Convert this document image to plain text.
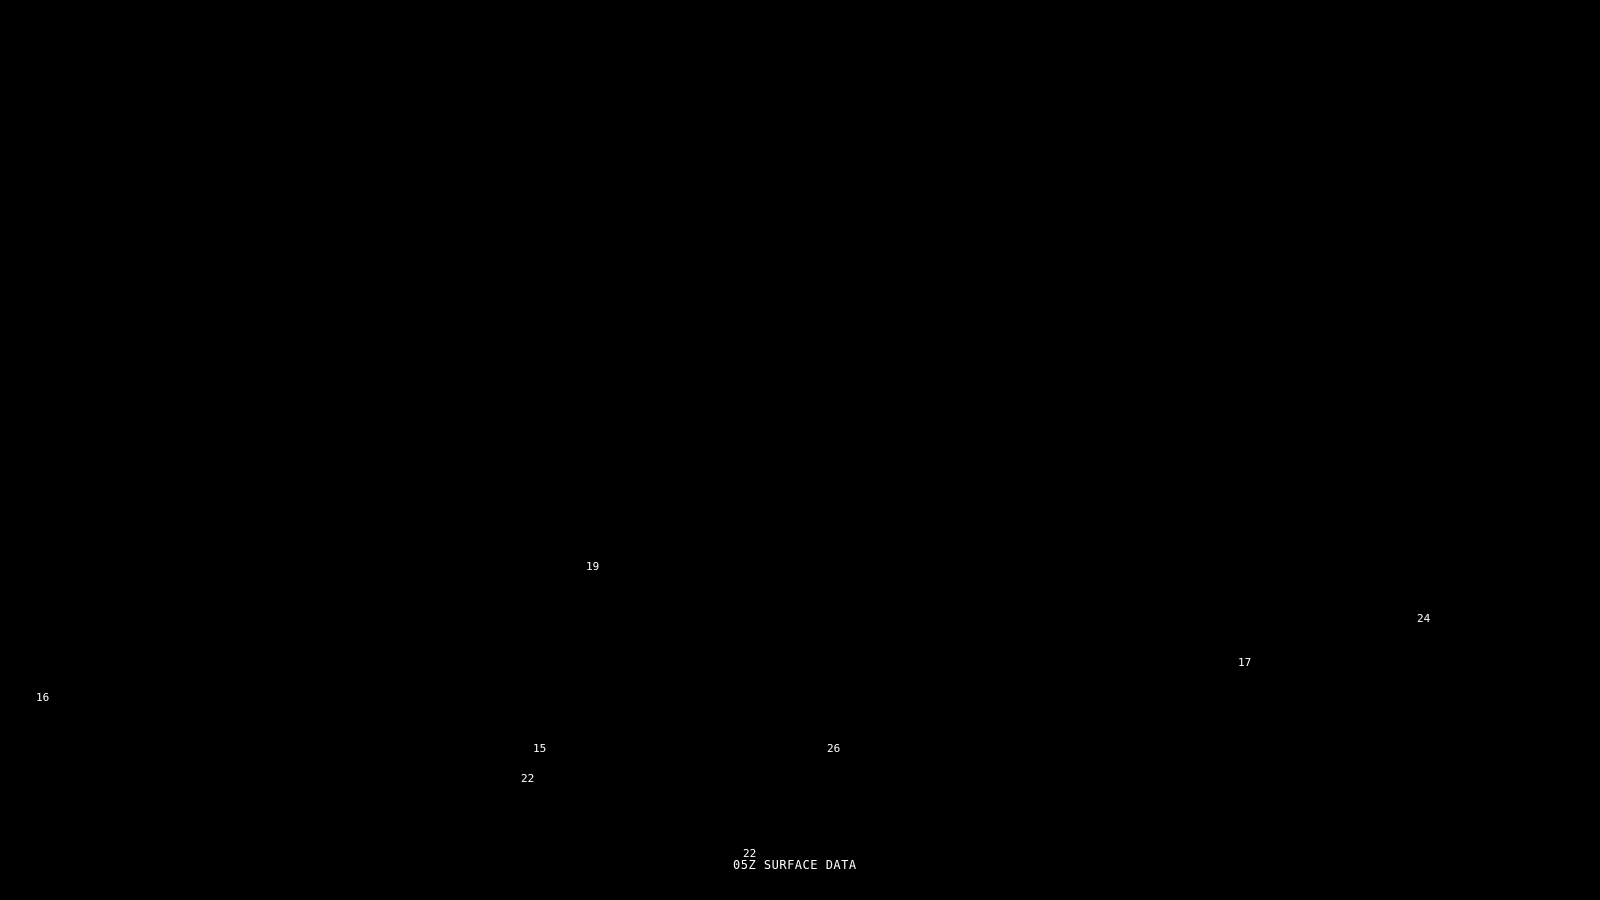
19
24
17
16
15	26
22
22
05Z SURFACE DATA
